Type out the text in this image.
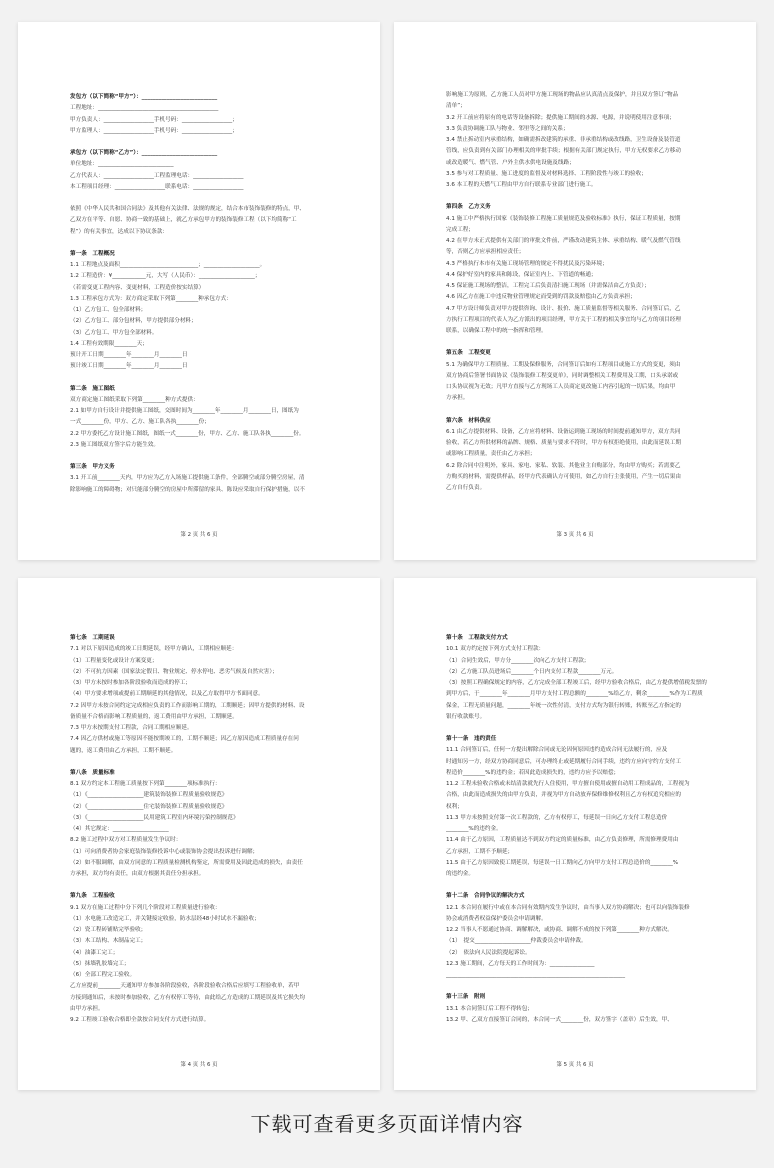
发包方（以下简称“甲方”）：___________________________
工程地址：___________________________________________
甲方负责人：__________________手机号码：__________________；
甲方监理人：__________________手机号码：__________________；
承包方（以下简称“乙方”）：___________________________
单位地址：___________________________
乙方代表人：__________________工程监理电话：__________________
本工程项目经理：__________________联系电话：__________________
依照《中华人民共和国合同法》及其他有关法律、法规的规定，结合本市装饰装修的特点，甲、
乙双方在平等、自愿、协商一致的基础上，就乙方承包甲方的装饰装修工程（以下均简称“工
程”）的有关事宜，达成以下协议条款：
第一条　工程概况
1.1 工程地点及面积____________________________；____________________。
1.2 工程造价：¥____________元，大写（人民币）：____________________；
（若需变更工程内容、变更材料，工程造价按实结算）
1.3 工程承包方式为：双方商定采取下列第________种承包方式：
（1）乙方包工、包全部材料；
（2）乙方包工、部分包材料，甲方提供部分材料；
（3）乙方包工、甲方包全部材料。
1.4 工程有效期限________天；
预计开工日期________年________月________日
预计竣工日期________年________月________日
第二条　施工图纸
双方商定施工图纸采取下列第________种方式提供：
2.1 如甲方自行设计并提供施工图纸，交图时间为________年________月________日，图纸为
一式________份，甲方、乙方、施工队各执________份；
2.2 甲方委托乙方设计施工图纸，图纸一式________份，甲方、乙方、施工队各执________份。
2.3 施工图纸双方签字后方能生效。
第三条　甲方义务
3.1 开工前________天内，甲方应为乙方入场施工提供施工条件，全部腾空或部分腾空房屋，清
除影响施工的障碍物；对只能部分腾空的房屋中所滞留的家具、陈设应采取自行保护措施，以不
第 2 页 共 6 页
影响施工为原则，乙方施工人员对甲方施工现场的物品应认真清点及保护，并且双方签订“物品
清单”；
3.2 开工前应将原有的电话等设备拆除；提供施工期间的水源、电源，并说明使用注意事项；
3.3 负责协调施工队与物业、邻里等之间的关系；
3.4 禁止拆动室内承重结构，如确需拆改建筑的承重、非承重结构或改线路，卫生设备及装管道
管线，应负责到有关部门办理相关的审批手续；根据有关部门规定执行，甲方无权要求乙方移动
或改造暖气、燃气管、户外主供水供电设施及线路；
3.5 参与对工程质量、施工进度的监督及对材料选择、工程阶段性与竣工的验收；
3.6 本工程的天燃气工程由甲方自行联系专业部门进行施工。
第四条　乙方义务
4.1 施工中严格执行国家《装饰装修工程施工质量规范及验收标准》执行，保证工程质量，按期
完成工程；
4.2 在甲方未正式提供有关部门的审批文件前，严谨改动建筑主体、承重结构、暖气及燃气管线
等，否则乙方应承担相应责任；
4.3 严格执行本市有关施工现场管理的规定不得扰民及污染环境；
4.4 保护好室内的家具和陈设，保证室内上、下管道的畅通；
4.5 保证施工现场的整洁，工程完工后负责清扫施工现场（并需保洁由乙方负责）；
4.6 因乙方在施工中违反物业管理规定而受到的罚款及赔偿由乙方负责承担；
4.7 甲方设计师负责对甲方提供咨询、设计、报价、施工质量监督等相关服务、合同签订后，乙
方执行工程项目的代表人为乙方派出的项目经理，甲方关于工程的相关事宜均与乙方的项目经理
联系，以确保工程中的统一指挥和管理。
第五条　工程变更
5.1 为确保甲方工程质量、工期及保修服务，合同签订后如有工程项目或施工方式的变更，须由
双方协商后签署书面协议《装饰装修工程变更单》，同时调整相关工程费用及工期，口头承诺或
口头协议视为无效；凡甲方直接与乙方现场工人员商定更改施工内容引起的一切后果，均由甲
方承担。
第六条　材料供应
6.1 由乙方提供材料、设备，乙方应将材料、设备运到施工现场的时间提前通知甲方，双方共同
验收，若乙方所供材料的品牌、规格、质量与要求不符时，甲方有权拒绝使用，由此而延误工期
或影响工程质量，责任由乙方承担；
6.2 除合同中注明外，家具、家电、家私、软装、其他业主自购部分，均由甲方购买；若需要乙
方购买的材料，需提供样品，经甲方代表确认方可使用，如乙方自行主张使用，产生一切后果由
乙方自行负责。
第 3 页 共 6 页
第七条　工期延误
7.1 对以下原因造成的竣工日期延误，经甲方确认，工期相应顺延：
（1）工程量变化或设计方案变更；
（2）不可抗力因素（国家法定假日、物业规定、停水停电、恶劣气候及自然灾害）；
（3）甲方未按时参加各阶段验收而造成的停工；
（4）甲方要求增项或提前工期顺延的其他情况，以及乙方取得甲方书面同意。
7.2 因甲方未按合同约定完成相应负责的工作而影响工期的，工期顺延；因甲方提供的材料、设
备质量不合格而影响工程质量的，返工费用由甲方承担，工期顺延。
7.3 甲方未按期支付工程款，合同工期相应顺延。
7.4 因乙方供材或施工等原因不能按期竣工的，工期不顺延；因乙方原因造成工程质量存在问
题的，返工费用由乙方承担，工期不顺延。
第八条　质量标准
8.1 双方约定本工程施工质量按下列第________项标准执行：
（1）《____________________建筑装饰装修工程质量验收规范》
（2）《____________________住宅装饰装修工程质量验收规范》
（3）《____________________民用建筑工程室内环境污染控制规范》
（4）其它规定：____________________
8.2 施工过程中双方对工程质量发生争议时：
（1）可向消费者协会家庭装饰装修投诉中心或装饰协会提出投诉进行调解；
（2）如不服调解，由双方同意的工程质量检测机构鉴定，所需费用及因此造成的损失，由责任
方承担，双方均有责任，由双方根据其责任分担承担。
第九条　工程验收
9.1 双方在施工过程中分下列几个阶段对工程质量进行验收：
（1）水电施工改造完工，并关键接定收验，防水层经48小时试水不漏验收；
（2）瓷工程砖铺贴完毕验收；
（3）木工结构、木制品完工；
（4）油漆工完工；
（5）抹墙乳胶墙完工；
（6）全部工程完工验收。
乙方应提前________天通知甲方参加各阶段验收，各阶段验收合格后应填写工程验收单，若甲
方接到通知后，未按时参加验收，乙方有权停工等待，由此给乙方造成的工期延误及其它损失均
由甲方承担。
9.2 工程竣工验收合格即全款按合同支付方式进行结算。
第 4 页 共 6 页
第十条　工程款支付方式
10.1 双方约定按下列方式支付工程款：
（1）合同生效后，甲方分________次向乙方支付工程款；
（2）乙方施工队员进场后________个日内支付工程款________万元。
（3）按照工程确保规定的内容，乙方完成全部工程竣工后，经甲方验收合格后，由乙方提供增值税发票的
到甲方后，于________年________月甲方支付工程总额的________%给乙方，剩余________%作为工程质
保金，工程无质量问题，________年统一次性付清，支付方式均为银行转账，转账至乙方指定的
银行收款账号。
第十一条　违约责任
11.1 合同签订后，任何一方提出解除合同或无论因何原因违约造成合同无法履行的，应及
时通知另一方，经双方协商同意后，可办理终止或延期履行合同手续，违约方应向守约方支付工
程造价________%的违约金；若因此造成损失的，违约方应予以赔偿；
11.2 工程未验收合格或未结清款就先行人住使用，甲方擅自使用或擅自动用工程成品的，工程视为
合格，由此而造成损失的由甲方负责，并视为甲方自动放弃保修维修权利且乙方有权追究相应的
权利；
11.3 甲方未按照支付第一次工程款的，乙方有权停工，每延误一日向乙方支付工程总造价
________%的违约金。
11.4 由于乙方原因，工程质量达不到双方约定的质量标准，由乙方负责修理，所需修理费用由
乙方承担，工期不予顺延；
11.5 由于乙方原因致使工期延误，每延误一日工期向乙方向甲方支付工程总造价的________%
的违约金。
第十二条　合同争议的解决方式
12.1 本合同在履行中或在本合同有效期内发生争议时，由当事人双方协商解决；也可以向装饰装修
协会或消费者权益保护委员会申请调解。
12.2 当事人不愿通过协商、调解解决，或协商、调解不成的按下列第________种方式解决。
（1）　提交____________________仲裁委员会申请仲裁。
（2）　依法向人民法院提起诉讼。
12.3 施工期间，乙方每天的工作时间为：________________
________________________________________________________________
第十三条　附则
13.1 本合同签订后工程不得转包；
13.2 甲、乙双方直接签订合同的，本合同一式________份，双方签字（盖章）后生效，甲、
第 5 页 共 6 页
下载可查看更多页面详情内容
